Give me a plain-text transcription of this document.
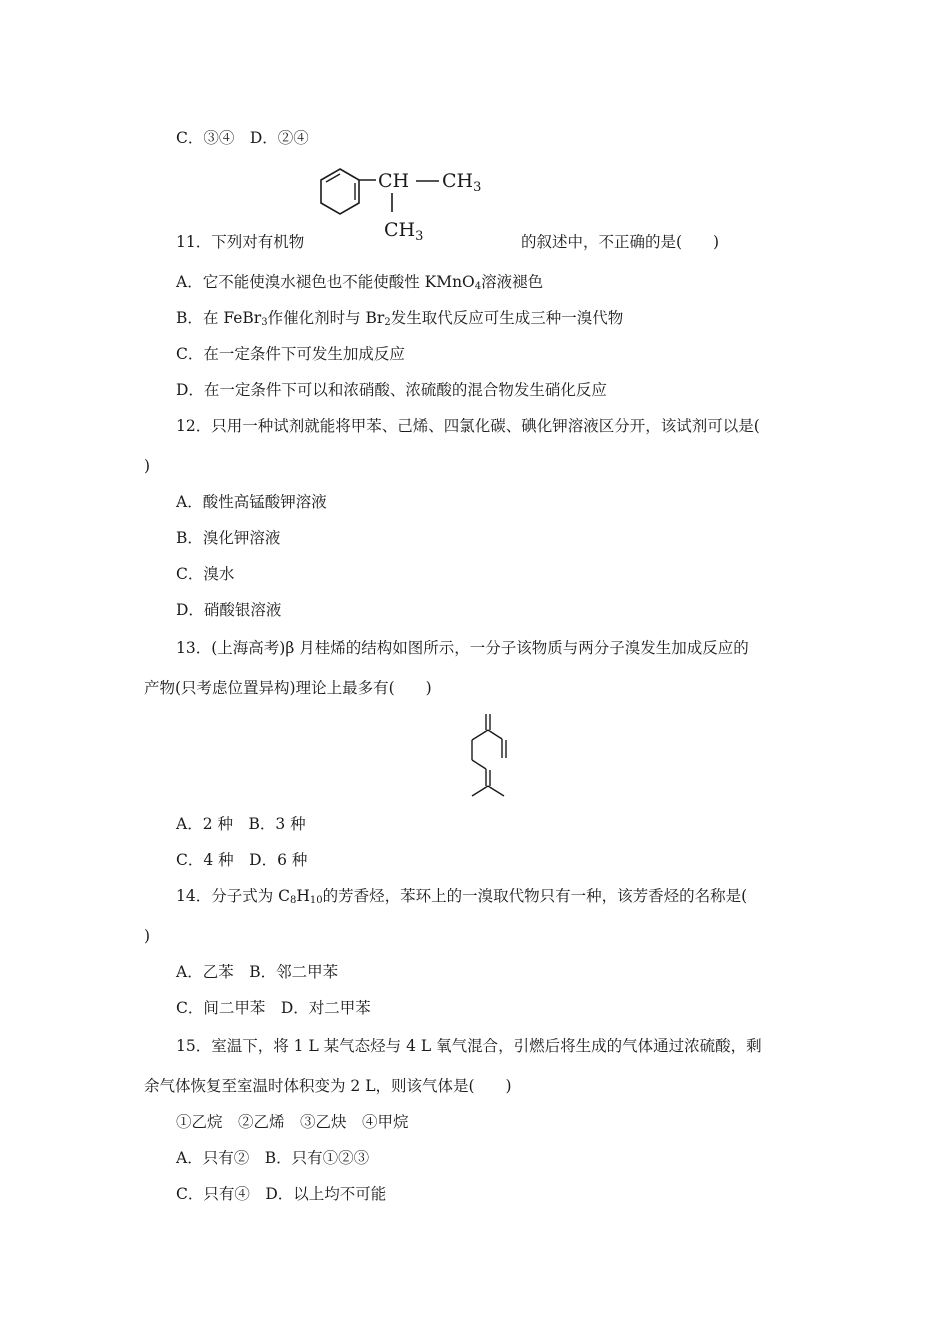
C．③④　D．②④
CH $CH_3$
$CH_3$
11．下列对有机物	的叙述中，不正确的是(　　)
A．它不能使溴水褪色也不能使酸性 KMnO$_4$溶液褪色
B．在 FeBr$_3$作催化剂时与 $Br_2$发生取代反应可生成三种一溴代物
C．在一定条件下可发生加成反应
D．在一定条件下可以和浓硝酸、浓硫酸的混合物发生硝化反应
12．只用一种试剂就能将甲苯、己烯、四氯化碳、碘化钾溶液区分开，该试剂可以是(
)
A．酸性高锰酸钾溶液
B．溴化钾溶液
C．溴水
D．硝酸银溶液
13．(上海高考)β 月桂烯的结构如图所示，一分子该物质与两分子溴发生加成反应的
产物(只考虑位置异构)理论上最多有(　　)
A．2 种　B．3 种
C．4 种　D．6 种
14．分子式为 $C_8H_{10}$的芳香烃，苯环上的一溴取代物只有一种，该芳香烃的名称是(
)
A．乙苯　B．邻二甲苯
C．间二甲苯　D．对二甲苯
15．室温下，将 1 L 某气态烃与 4 L 氧气混合，引燃后将生成的气体通过浓硫酸，剩
余气体恢复至室温时体积变为 2 L，则该气体是(　　)
①乙烷　②乙烯　③乙炔　④甲烷
A．只有②　B．只有①②③
C．只有④　D．以上均不可能
